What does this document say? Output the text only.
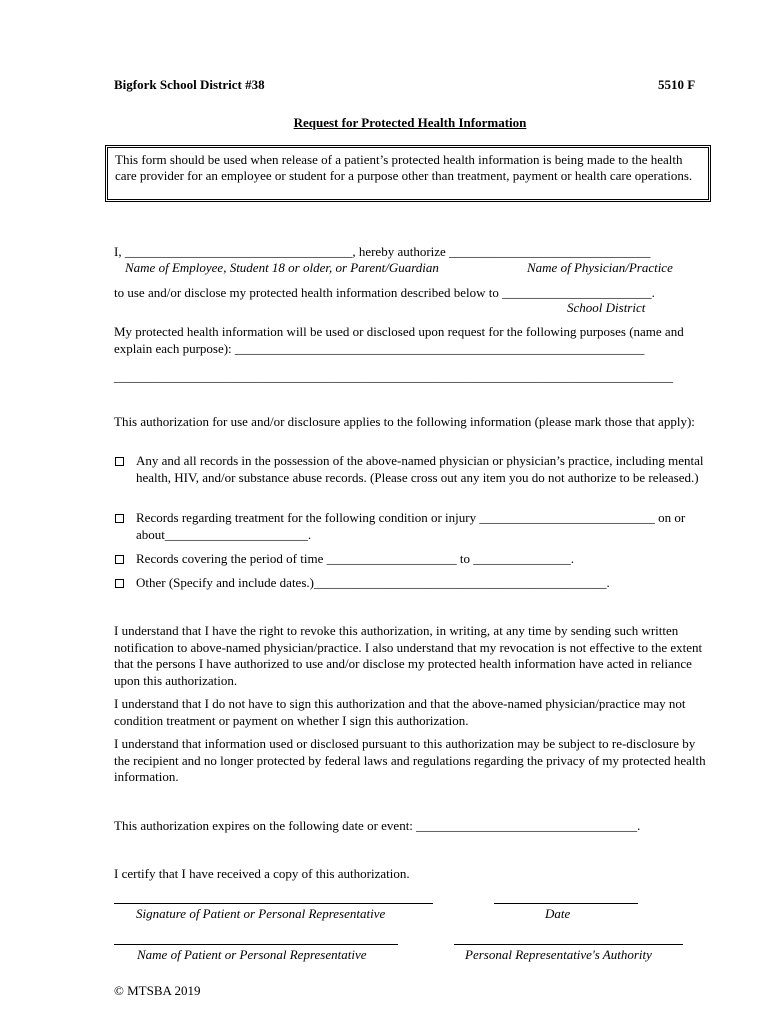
Bigfork School District #38	5510 F
Request for Protected Health Information
This form should be used when release of a patient’s protected health information is being made to the health care provider for an employee or student for a purpose other than treatment, payment or health care operations.
I, ___________________________________, hereby authorize _______________________________
Name of Employee, Student 18 or older, or Parent/Guardian	Name of Physician/Practice
to use and/or disclose my protected health information described below to _______________________.
School District
My protected health information will be used or disclosed upon request for the following purposes (name and explain each purpose): _______________________________________________________________
______________________________________________________________________________________
This authorization for use and/or disclosure applies to the following information (please mark those that apply):
Any and all records in the possession of the above-named physician or physician’s practice, including mental health, HIV, and/or substance abuse records. (Please cross out any item you do not authorize to be released.)
Records regarding treatment for the following condition or injury ___________________________ on or about______________________.
Records covering the period of time ____________________ to _______________.
Other (Specify and include dates.)_____________________________________________.
I understand that I have the right to revoke this authorization, in writing, at any time by sending such written notification to above-named physician/practice. I also understand that my revocation is not effective to the extent that the persons I have authorized to use and/or disclose my protected health information have acted in reliance upon this authorization.
I understand that I do not have to sign this authorization and that the above-named physician/practice may not condition treatment or payment on whether I sign this authorization.
I understand that information used or disclosed pursuant to this authorization may be subject to re-disclosure by the recipient and no longer protected by federal laws and regulations regarding the privacy of my protected health information.
This authorization expires on the following date or event: __________________________________.
I certify that I have received a copy of this authorization.
Signature of Patient or Personal Representative	Date
Name of Patient or Personal Representative	Personal Representative's Authority
© MTSBA 2019
